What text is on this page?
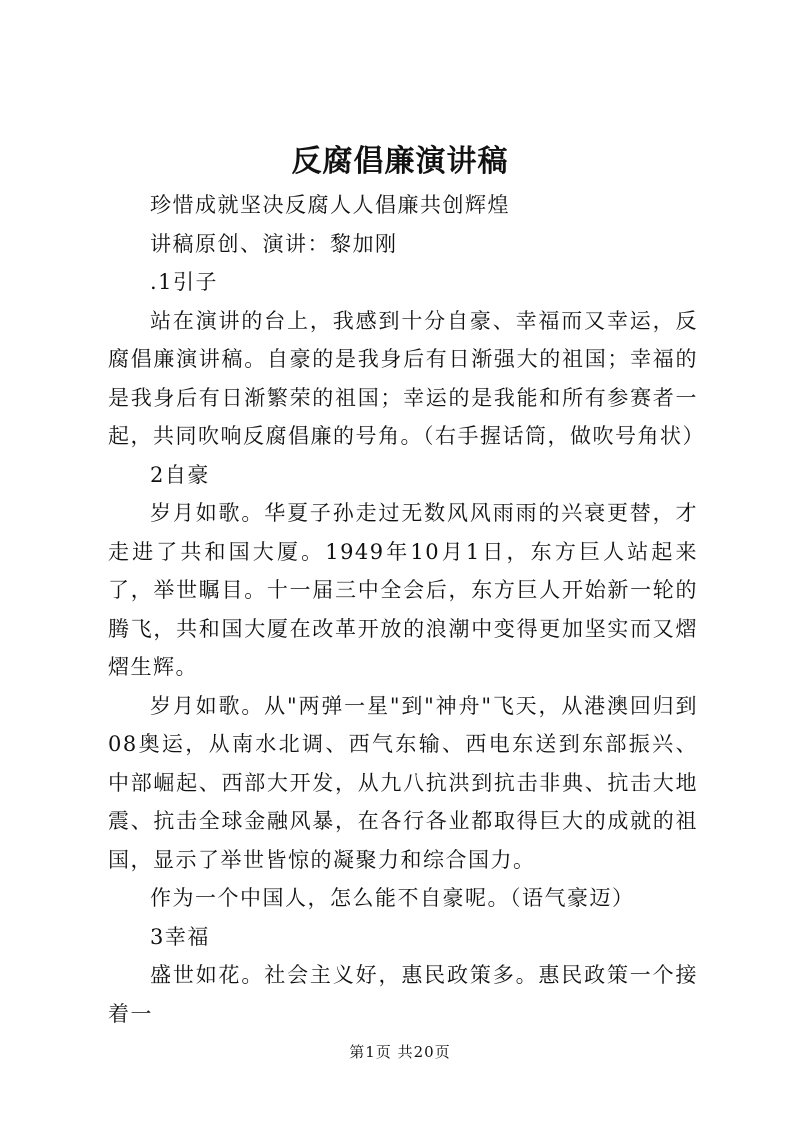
反腐倡廉演讲稿

珍惜成就坚决反腐人人倡廉共创辉煌

讲稿原创、演讲：黎加刚

.1引子

站在演讲的台上，我感到十分自豪、幸福而又幸运，反腐倡廉演讲稿。自豪的是我身后有日渐强大的祖国；幸福的是我身后有日渐繁荣的祖国；幸运的是我能和所有参赛者一起，共同吹响反腐倡廉的号角。（右手握话筒，做吹号角状）

2自豪

岁月如歌。华夏子孙走过无数风风雨雨的兴衰更替，才走进了共和国大厦。1949年10月1日，东方巨人站起来了，举世瞩目。十一届三中全会后，东方巨人开始新一轮的腾飞，共和国大厦在改革开放的浪潮中变得更加坚实而又熠熠生辉。

岁月如歌。从"两弹一星"到"神舟"飞天，从港澳回归到08奥运，从南水北调、西气东输、西电东送到东部振兴、中部崛起、西部大开发，从九八抗洪到抗击非典、抗击大地震、抗击全球金融风暴，在各行各业都取得巨大的成就的祖国，显示了举世皆惊的凝聚力和综合国力。

作为一个中国人，怎么能不自豪呢。（语气豪迈）

3幸福

盛世如花。社会主义好，惠民政策多。惠民政策一个接着一

第1页 共20页
